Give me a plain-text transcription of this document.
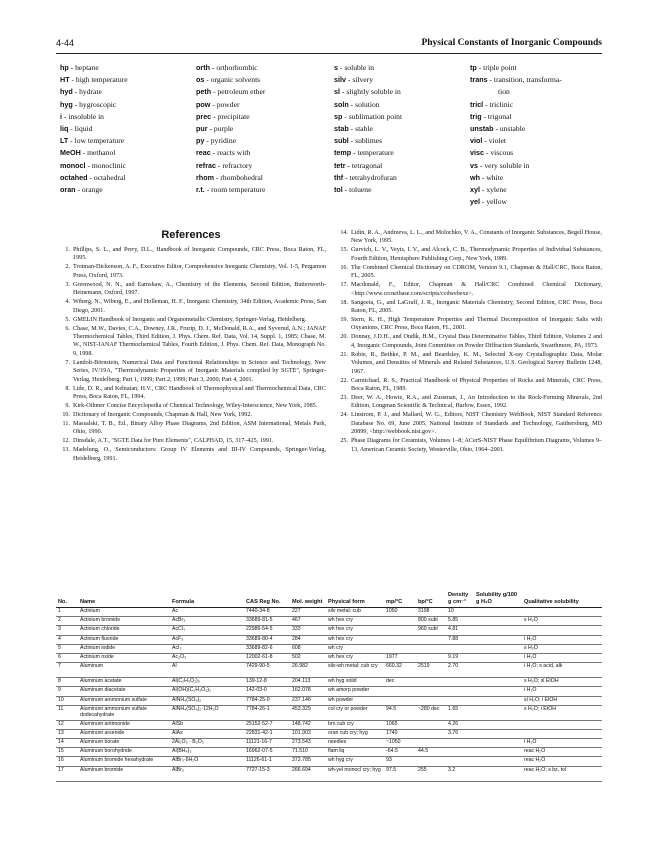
4-44	Physical Constants of Inorganic Compounds
hp - heptane
HT - high temperature
hyd - hydrate
hyg - hygroscopic
i - insoluble in
liq - liquid
LT - low temperature
MeOH - methanol
monocl - monoclinic
octahed - octahedral
oran - orange
orth - orthorhombic
os - organic solvents
peth - petroleum ether
pow - powder
prec - precipitate
pur - purple
py - pyridine
reac - reacts with
refrac - refractory
rhom - rhombohedral
r.t. - room temperature
s - soluble in
silv - silvery
sl - slightly soluble in
soln - solution
sp - sublimation point
stab - stable
subl - sublimes
temp - temperature
tetr - tetragonal
thf - tetrahydrofuran
tol - toluene
tp - triple point
trans - transition, transforma-
tion
tricl - triclinic
trig - trigonal
unstab - unstable
viol - violet
visc - viscous
vs - very soluble in
wh - white
xyl - xylene
yel - yellow
References
1. Phillips, S. L., and Perry, D.L., Handbook of Inorganic Compounds, CRC Press, Boca Raton, FL, 1995.
2. Trotman-Dickenson, A. F., Executive Editor, Comprehensive Inorganic Chemistry, Vol. 1-5, Pergamon Press, Oxford, 1973.
3. Greenwood, N. N., and Earnshaw, A., Chemistry of the Elements, Second Edition, Butterworth-Heinemann, Oxford, 1997.
4. Wiberg, N., Wiberg, E., and Holleman, H. F., Inorganic Chemistry, 34th Edition, Academic Press, San Diego, 2001.
5. GMELIN Handbook of Inorganic and Organometallic Chemistry, Springer-Verlag, Heidelberg.
6. Chase, M.W., Davies, C.A., Downey, J.R., Frurip, D. J., McDonald, R.A., and Syverud, A.N.; JANAF Thermochemical Tables, Third Edition, J. Phys. Chem. Ref. Data, Vol. 14, Suppl. 1, 1985; Chase, M. W., NIST-JANAF Thermochemical Tables, Fourth Edition, J. Phys. Chem. Ref. Data, Monograph No. 9, 1998.
7. Landolt-Börnstein, Numerical Data and Functional Relationships in Science and Technology, New Series, IV/19A, "Thermodynamic Properties of Inorganic Materials compiled by SGTE", Springer-Verlag, Heidelberg; Part 1, 1999; Part 2, 1999; Part 3, 2000; Part 4, 2001.
8. Lide, D. R., and Kehiaian, H.V., CRC Handbook of Thermophysical and Thermochemical Data, CRC Press, Boca Raton, FL, 1994.
9. Kirk-Othmer Concise Encyclopedia of Chemical Technology, Wiley-Interscience, New York, 1985.
10. Dictionary of Inorganic Compounds, Chapman & Hall, New York, 1992.
11. Massalski, T. B., Ed., Binary Alloy Phase Diagrams, 2nd Edition, ASM International, Metals Park, Ohio, 1990.
12. Dinsdale, A.T., "SGTE Data for Pure Elements", CALPHAD, 15, 317–425, 1991.
13. Madelung, O., Semiconductors: Group IV Elements and III-IV Compounds, Springer-Verlag, Heidelberg, 1991.
14. Lidin, R. A., Andreeva, L. L., and Molochko, V. A., Constants of Inorganic Substances, Begell House, New York, 1995.
15. Gurvich, L. V., Veyts, I. V., and Alcock, C. B., Thermodynamic Properties of Individual Substances, Fourth Edition, Hemisphere Publishing Corp., New York, 1989.
16. The Combined Chemical Dictionary on CDROM, Version 9.1, Chapman & Hall/CRC, Boca Raton, FL, 2005.
17. Macdonald, F., Editor, Chapman & Hall/CRC Combined Chemical Dictionary, <http://www.crcnetbase.com/scripts/ccdwebexe>.
18. Sangeeta, G., and LaGraff, J. R., Inorganic Materials Chemistry, Second Edition, CRC Press, Boca Raton, FL, 2005.
19. Stern, K. H., High Temperature Properties and Thermal Decomposition of Inorganic Salts with Oxyanions, CRC Press, Boca Raton, FL, 2001.
20. Donnay, J.D.H., and Ondik, H.M., Crystal Data Determinative Tables, Third Edition, Volumes 2 and 4, Inorganic Compounds, Joint Committee on Powder Diffraction Standards, Swarthmore, PA, 1973.
21. Robie, R., Bethke, P. M., and Beardsley, K. M., Selected X-ray Crystallographic Data, Molar Volumes, and Densities of Minerals and Related Substances, U.S. Geological Survey Bulletin 1248, 1967.
22. Carmichael, R. S., Practical Handbook of Physical Properties of Rocks and Minerals, CRC Press, Boca Raton, FL, 1989.
23. Deer, W. A., Howie, R.A., and Zussman, J., An Introduction to the Rock-Forming Minerals, 2nd Edition, Longman Scientific & Technical, Harlow, Essex, 1992.
24. Linstrom, P. J., and Mallard, W. G., Editors, NIST Chemistry WebBook, NIST Standard Reference Database No. 69, June 2005, National Institute of Standards and Technology, Gaithersburg, MD 20899, <http://webbook.nist.gov>.
25. Phase Diagrams for Ceramists, Volumes 1–8; ACerS-NIST Phase Equilibrium Diagrams, Volumes 9–13, American Ceramic Society, Westerville, Ohio, 1964–2001.
No.	Name	Formula	CAS Reg No.	Mol. weight	Physical form	mp/°C	bp/°C	Density g cm⁻³	Solubility g/100 g H₂O	Qualitative solubility
1	Actinium	Ac	7440-34-8	227	silv metal; cub	1050	3198	10		
2	Actinium bromide	AcBr₃	33689-81-5	467	wh hex cry		800 subl	5.85		s H₂O
3	Actinium chloride	AcCl₃	22986-54-5	333	wh hex cry		960 subl	4.81		
4	Actinium fluoride	AcF₃	33689-80-4	284	wh hex cry			7.88		i H₂O
5	Actinium iodide	AcI₃	33689-82-6	608	wh cry					s H₂O
6	Actinium oxide	Ac₂O₃	12002-61-8	502	wh hex cry	1977		9.19		i H₂O
7	Aluminum	Al	7429-90-5	26.982	silv-wh metal; cub cry	660.32	2519	2.70		i H₂O; s acid, alk
8	Aluminum acetate	Al(C₂H₃O₂)₃	139-12-8	204.113	wh hyg solid	dec				s H₂O; sl EtOH
9	Aluminum diacetate	Al(OH)(C₂H₃O₂)₂	142-03-0	162.078	wh amorp powder					i H₂O
10	Aluminum ammonium sulfate	AlNH₄(SO₄)₂	7784-25-0	237.146	wh powder					sl H₂O; i EtOH
11	Aluminum ammonium sulfate dodecahydrate	AlNH₄(SO₄)₂·12H₂O	7784-26-1	453.329	col cry or powder	94.5	~280 dec	1.65		s H₂O; i EtOH
12	Aluminum antimonide	AlSb	25152-52-7	148.742	brn cub cry	1065		4.26		
13	Aluminum arsenide	AlAs	22831-42-1	101.903	oran cub cry; hyg	1740		3.76		
14	Aluminum borate	2Al₂O₃ · B₂O₃	11121-16-7	273.543	needles	~1050				i H₂O
15	Aluminum borohydride	Al(BH₄)₃	16962-07-5	71.510	flam liq	-64.5	44.5			reac H₂O
16	Aluminum bromide hexahydrate	AlBr₃·6H₂O	11126-61-1	372.785	wh hyg cry	93				reac H₂O
17	Aluminum bromide	AlBr₃	7727-15-3	266.694	wh-yel monocl cry; hyg	97.5	255	3.2		reac H₂O; s bz, tol
